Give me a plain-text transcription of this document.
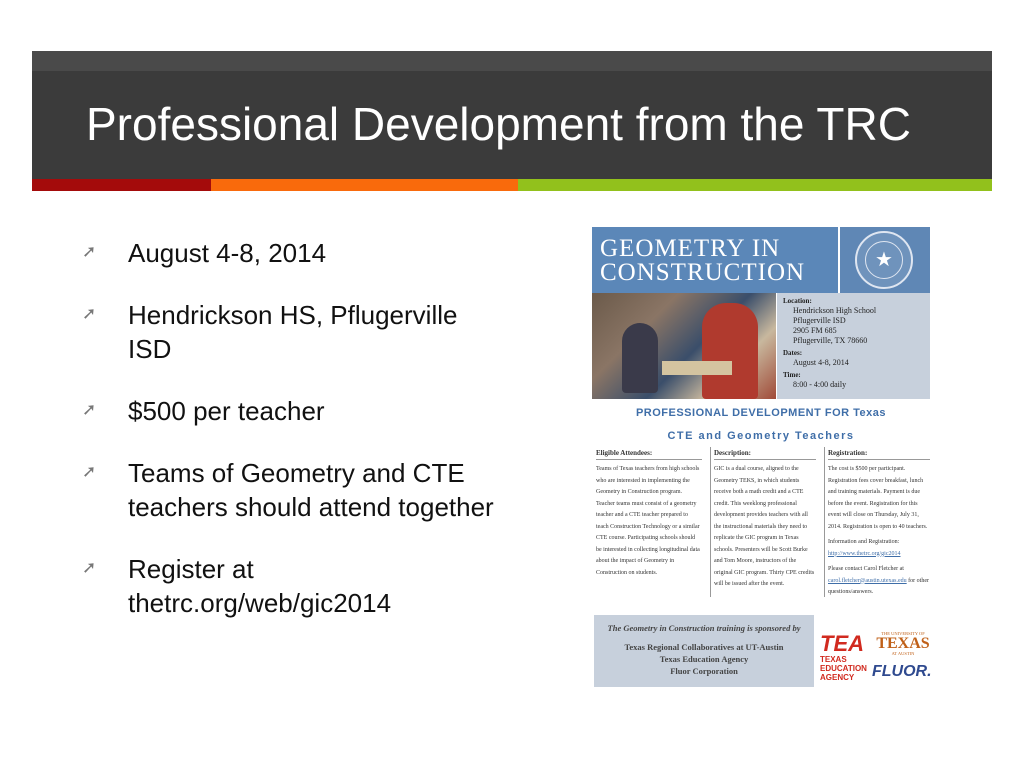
Professional Development from the TRC
➚ August 4-8, 2014
➚ Hendrickson HS, Pflugerville ISD
➚ $500 per teacher
➚ Teams of Geometry and CTE teachers should attend together
➚ Register at thetrc.org/web/gic2014
GEOMETRY IN
CONSTRUCTION	★
Location:
Hendrickson High School
Pflugerville ISD
2905 FM 685
Pflugerville, TX 78660
Dates:
August 4-8, 2014
Time:
8:00 - 4:00 daily
PROFESSIONAL DEVELOPMENT FOR Texas
CTE and Geometry Teachers
Eligible Attendees:
Teams of Texas teachers from high schools who are interested in implementing the Geometry in Construction program. Teacher teams must consist of a geometry teacher and a CTE teacher prepared to teach Construction Technology or a similar CTE course. Participating schools should be interested in collecting longitudinal data about the impact of Geometry in Construction on students.
Description:
GIC is a dual course, aligned to the Geometry TEKS, in which students receive both a math credit and a CTE credit. This weeklong professional development provides teachers with all the instructional materials they need to replicate the GIC program in Texas schools. Presenters will be Scott Burke and Tom Moore, instructors of the original GIC program. Thirty CPE credits will be issued after the event.
Registration:
The cost is $500 per participant. Registration fees cover breakfast, lunch and training materials. Payment is due before the event. Registration for this event will close on Thursday, July 31, 2014. Registration is open to 40 teachers.
Information and Registration:
http://www.thetrc.org/gic2014
Please contact Carol Fletcher at
carol.fletcher@austin.utexas.edu for other questions/answers.
The Geometry in Construction training is sponsored by
Texas Regional Collaboratives at UT-Austin
Texas Education Agency
Fluor Corporation
TEA
TEXAS
EDUCATION
AGENCY
THE UNIVERSITY OF
TEXAS
AT AUSTIN
FLUOR.
